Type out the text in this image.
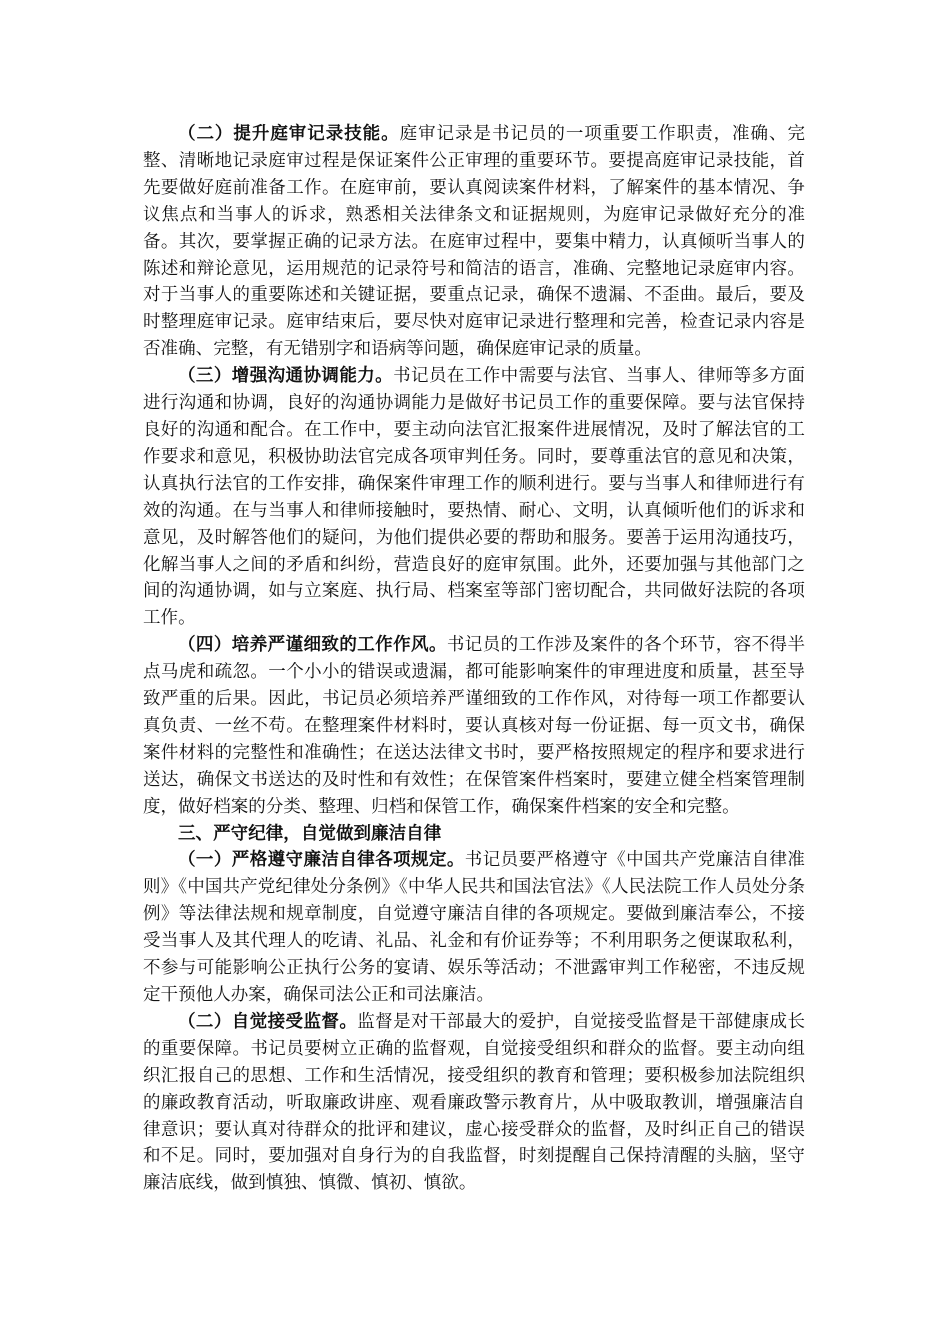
（二）提升庭审记录技能。庭审记录是书记员的一项重要工作职责，准确、完整、清晰地记录庭审过程是保证案件公正审理的重要环节。要提高庭审记录技能，首先要做好庭前准备工作。在庭审前，要认真阅读案件材料，了解案件的基本情况、争议焦点和当事人的诉求，熟悉相关法律条文和证据规则，为庭审记录做好充分的准备。其次，要掌握正确的记录方法。在庭审过程中，要集中精力，认真倾听当事人的陈述和辩论意见，运用规范的记录符号和简洁的语言，准确、完整地记录庭审内容。对于当事人的重要陈述和关键证据，要重点记录，确保不遗漏、不歪曲。最后，要及时整理庭审记录。庭审结束后，要尽快对庭审记录进行整理和完善，检查记录内容是否准确、完整，有无错别字和语病等问题，确保庭审记录的质量。

（三）增强沟通协调能力。书记员在工作中需要与法官、当事人、律师等多方面进行沟通和协调，良好的沟通协调能力是做好书记员工作的重要保障。要与法官保持良好的沟通和配合。在工作中，要主动向法官汇报案件进展情况，及时了解法官的工作要求和意见，积极协助法官完成各项审判任务。同时，要尊重法官的意见和决策，认真执行法官的工作安排，确保案件审理工作的顺利进行。要与当事人和律师进行有效的沟通。在与当事人和律师接触时，要热情、耐心、文明，认真倾听他们的诉求和意见，及时解答他们的疑问，为他们提供必要的帮助和服务。要善于运用沟通技巧，化解当事人之间的矛盾和纠纷，营造良好的庭审氛围。此外，还要加强与其他部门之间的沟通协调，如与立案庭、执行局、档案室等部门密切配合，共同做好法院的各项工作。

（四）培养严谨细致的工作作风。书记员的工作涉及案件的各个环节，容不得半点马虎和疏忽。一个小小的错误或遗漏，都可能影响案件的审理进度和质量，甚至导致严重的后果。因此，书记员必须培养严谨细致的工作作风，对待每一项工作都要认真负责、一丝不苟。在整理案件材料时，要认真核对每一份证据、每一页文书，确保案件材料的完整性和准确性；在送达法律文书时，要严格按照规定的程序和要求进行送达，确保文书送达的及时性和有效性；在保管案件档案时，要建立健全档案管理制度，做好档案的分类、整理、归档和保管工作，确保案件档案的安全和完整。

三、严守纪律，自觉做到廉洁自律

（一）严格遵守廉洁自律各项规定。书记员要严格遵守《中国共产党廉洁自律准则》《中国共产党纪律处分条例》《中华人民共和国法官法》《人民法院工作人员处分条例》等法律法规和规章制度，自觉遵守廉洁自律的各项规定。要做到廉洁奉公，不接受当事人及其代理人的吃请、礼品、礼金和有价证券等；不利用职务之便谋取私利，不参与可能影响公正执行公务的宴请、娱乐等活动；不泄露审判工作秘密，不违反规定干预他人办案，确保司法公正和司法廉洁。

（二）自觉接受监督。监督是对干部最大的爱护，自觉接受监督是干部健康成长的重要保障。书记员要树立正确的监督观，自觉接受组织和群众的监督。要主动向组织汇报自己的思想、工作和生活情况，接受组织的教育和管理；要积极参加法院组织的廉政教育活动，听取廉政讲座、观看廉政警示教育片，从中吸取教训，增强廉洁自律意识；要认真对待群众的批评和建议，虚心接受群众的监督，及时纠正自己的错误和不足。同时，要加强对自身行为的自我监督，时刻提醒自己保持清醒的头脑，坚守廉洁底线，做到慎独、慎微、慎初、慎欲。
